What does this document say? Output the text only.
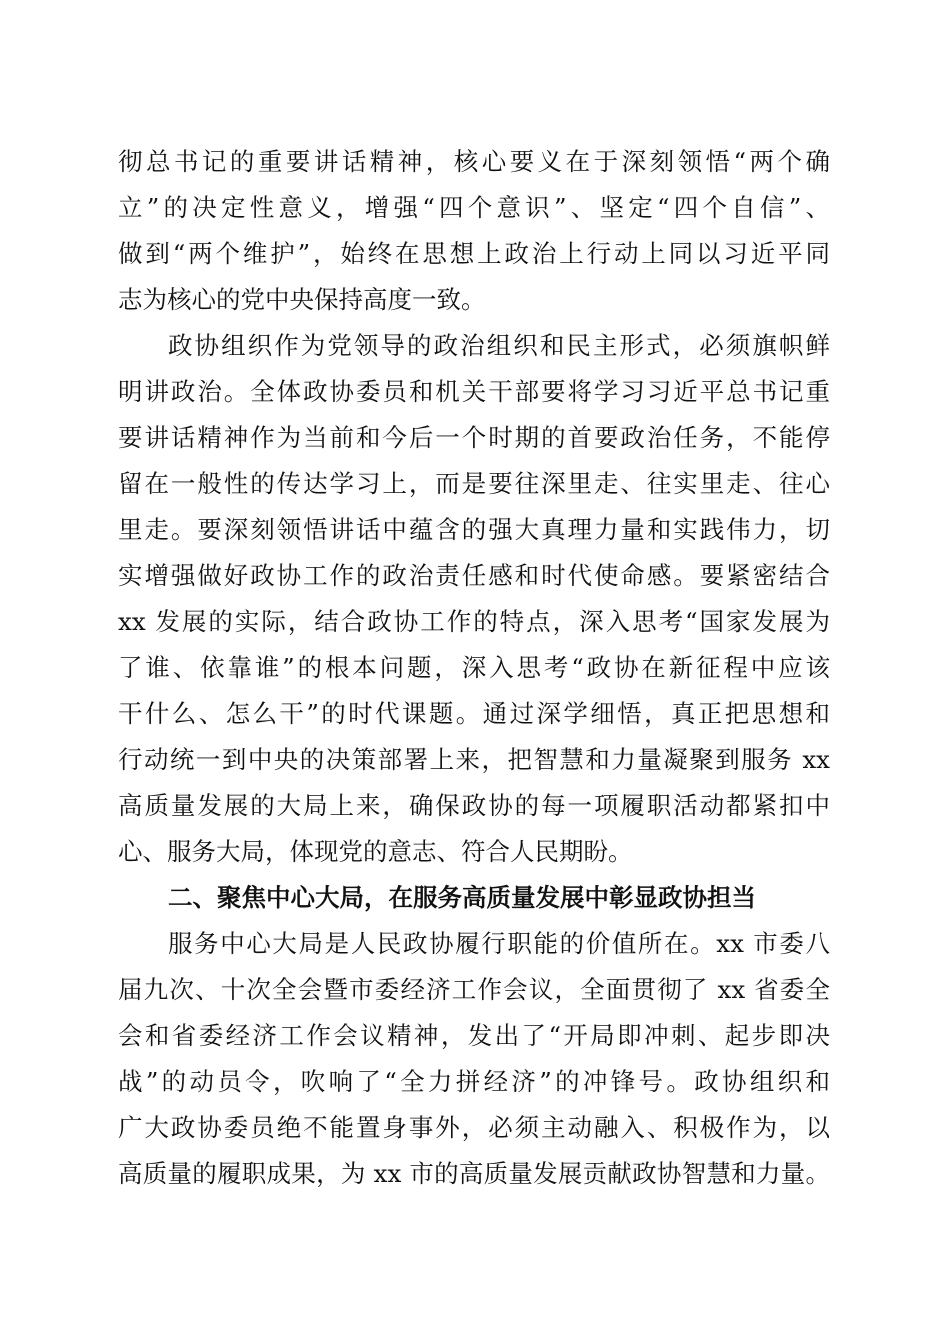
彻总书记的重要讲话精神，核心要义在于深刻领悟“两个确
立”的决定性意义，增强“四个意识”、坚定“四个自信”、
做到“两个维护”，始终在思想上政治上行动上同以习近平同
志为核心的党中央保持高度一致。
政协组织作为党领导的政治组织和民主形式，必须旗帜鲜
明讲政治。全体政协委员和机关干部要将学习习近平总书记重
要讲话精神作为当前和今后一个时期的首要政治任务，不能停
留在一般性的传达学习上，而是要往深里走、往实里走、往心
里走。要深刻领悟讲话中蕴含的强大真理力量和实践伟力，切
实增强做好政协工作的政治责任感和时代使命感。要紧密结合
xx 发展的实际，结合政协工作的特点，深入思考“国家发展为
了谁、依靠谁”的根本问题，深入思考“政协在新征程中应该
干什么、怎么干”的时代课题。通过深学细悟，真正把思想和
行动统一到中央的决策部署上来，把智慧和力量凝聚到服务 xx
高质量发展的大局上来，确保政协的每一项履职活动都紧扣中
心、服务大局，体现党的意志、符合人民期盼。
二、聚焦中心大局，在服务高质量发展中彰显政协担当
服务中心大局是人民政协履行职能的价值所在。xx 市委八
届九次、十次全会暨市委经济工作会议，全面贯彻了 xx 省委全
会和省委经济工作会议精神，发出了“开局即冲刺、起步即决
战”的动员令，吹响了“全力拼经济”的冲锋号。政协组织和
广大政协委员绝不能置身事外，必须主动融入、积极作为，以
高质量的履职成果，为 xx 市的高质量发展贡献政协智慧和力量。
